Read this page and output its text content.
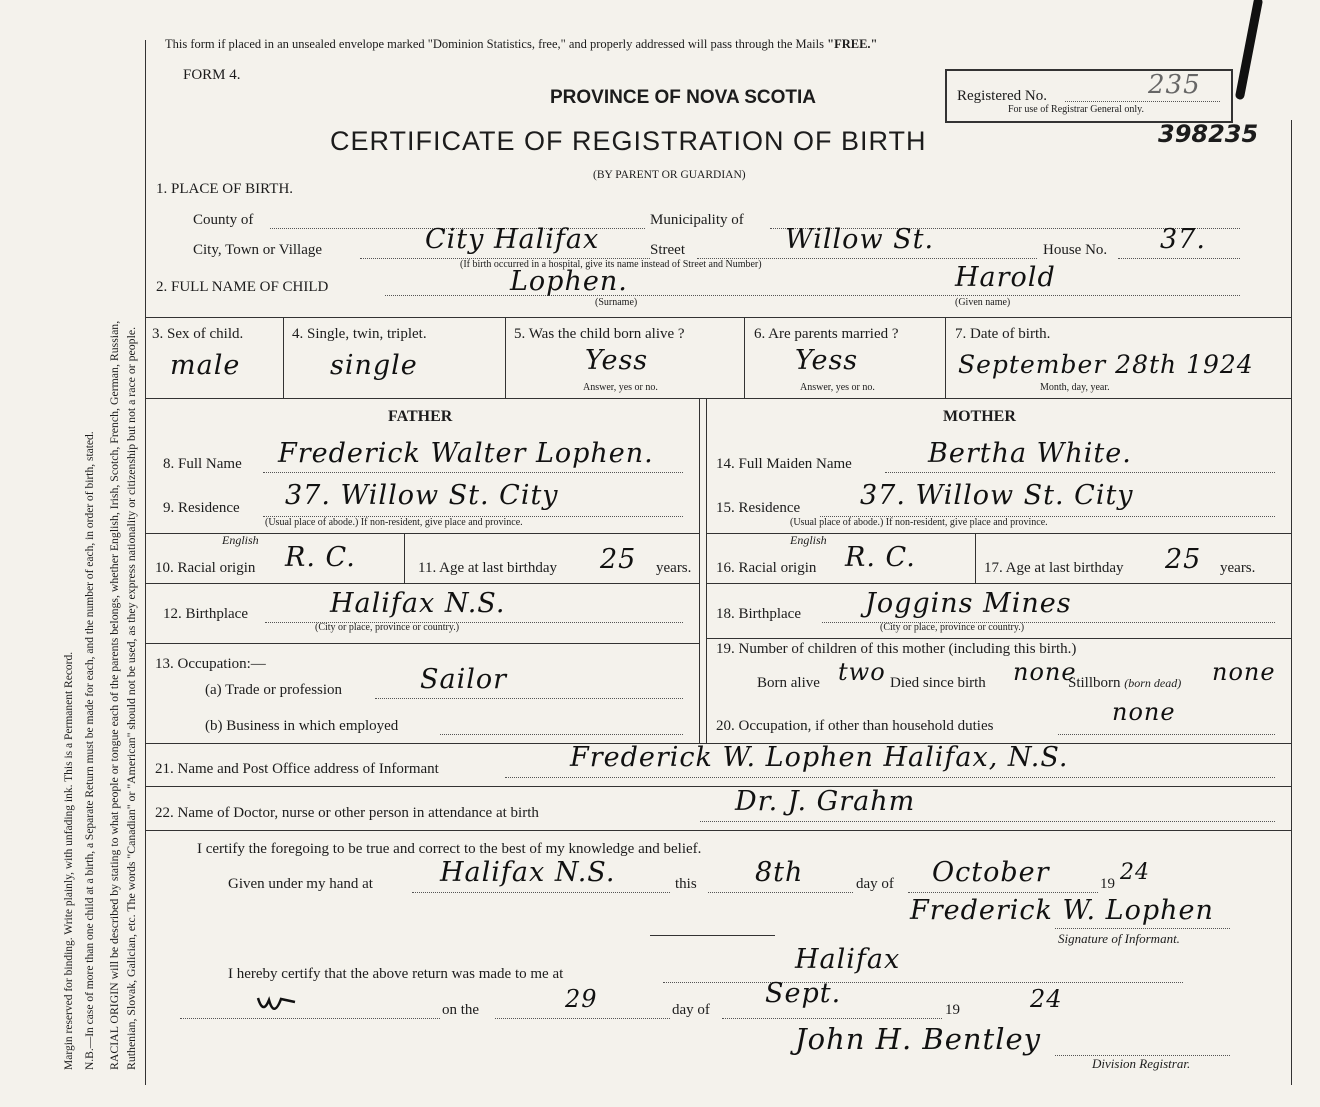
Margin reserved for binding. Write plainly, with unfading ink. This is a Permanent Record. N.B.—In case of more than one child at a birth, a Separate Return must be made for each, and the number of each, in order of birth, stated. RACIAL ORIGIN will be described by stating to what people or tongue each of the parents belongs, whether English, Irish, Scotch, French, German, Russian, Ruthenian, Slovak, Galician, etc. The words "Canadian" or "American" should not be used, as they express nationality or citizenship but not a race or people.
This form if placed in an unsealed envelope marked "Dominion Statistics, free," and properly addressed will pass through the Mails "FREE."
FORM 4.
PROVINCE OF NOVA SCOTIA
CERTIFICATE OF REGISTRATION OF BIRTH
(BY PARENT OR GUARDIAN)
Registered No.	235
For use of Registrar General only.
398235
1. PLACE OF BIRTH.
County of	Municipality of
City, Town or Village	City Halifax	Street	Willow St.	House No. 37.
(If birth occurred in a hospital, give its name instead of Street and Number)
2. FULL NAME OF CHILD	Lophen.
(Surname)
Harold
(Given name)
3. Sex of child.
male
4. Single, twin, triplet.
single
5. Was the child born alive ?
Yess
Answer, yes or no.
6. Are parents married ?
Yess
Answer, yes or no.
7. Date of birth.
September 28th 1924
Month, day, year.
FATHER	MOTHER
8. Full Name Frederick Walter Lophen.
9. Residence 37. Willow St. City
(Usual place of abode.) If non-resident, give place and province.
English
10. Racial origin R. C.	11. Age at last birthday 25 years.
12. Birthplace	Halifax N.S.
(City or place, province or country.)
13. Occupation:—
(a) Trade or profession	Sailor
(b) Business in which employed
14. Full Maiden Name	Bertha White.
15. Residence 37. Willow St. City
(Usual place of abode.) If non-resident, give place and province.
English
16. Racial origin R. C.	17. Age at last birthday 25 years.
18. Birthplace Joggins Mines
(City or place, province or country.)
19. Number of children of this mother (including this birth.)
Born alive two Died since birth none
Stillborn (born dead) none
20. Occupation, if other than household duties	none
21. Name and Post Office address of Informant	Frederick W. Lophen Halifax, N.S.
22. Name of Doctor, nurse or other person in attendance at birth	Dr. J. Grahm
I certify the foregoing to be true and correct to the best of my knowledge and belief.
Given under my hand at Halifax N.S.	this 8th	day of October	19 24
Frederick W. Lophen
Signature of Informant.
I hereby certify that the above return was made to me at	Halifax
on the	29	day of
Sept.
19	24
John H. Bentley
Division Registrar.
